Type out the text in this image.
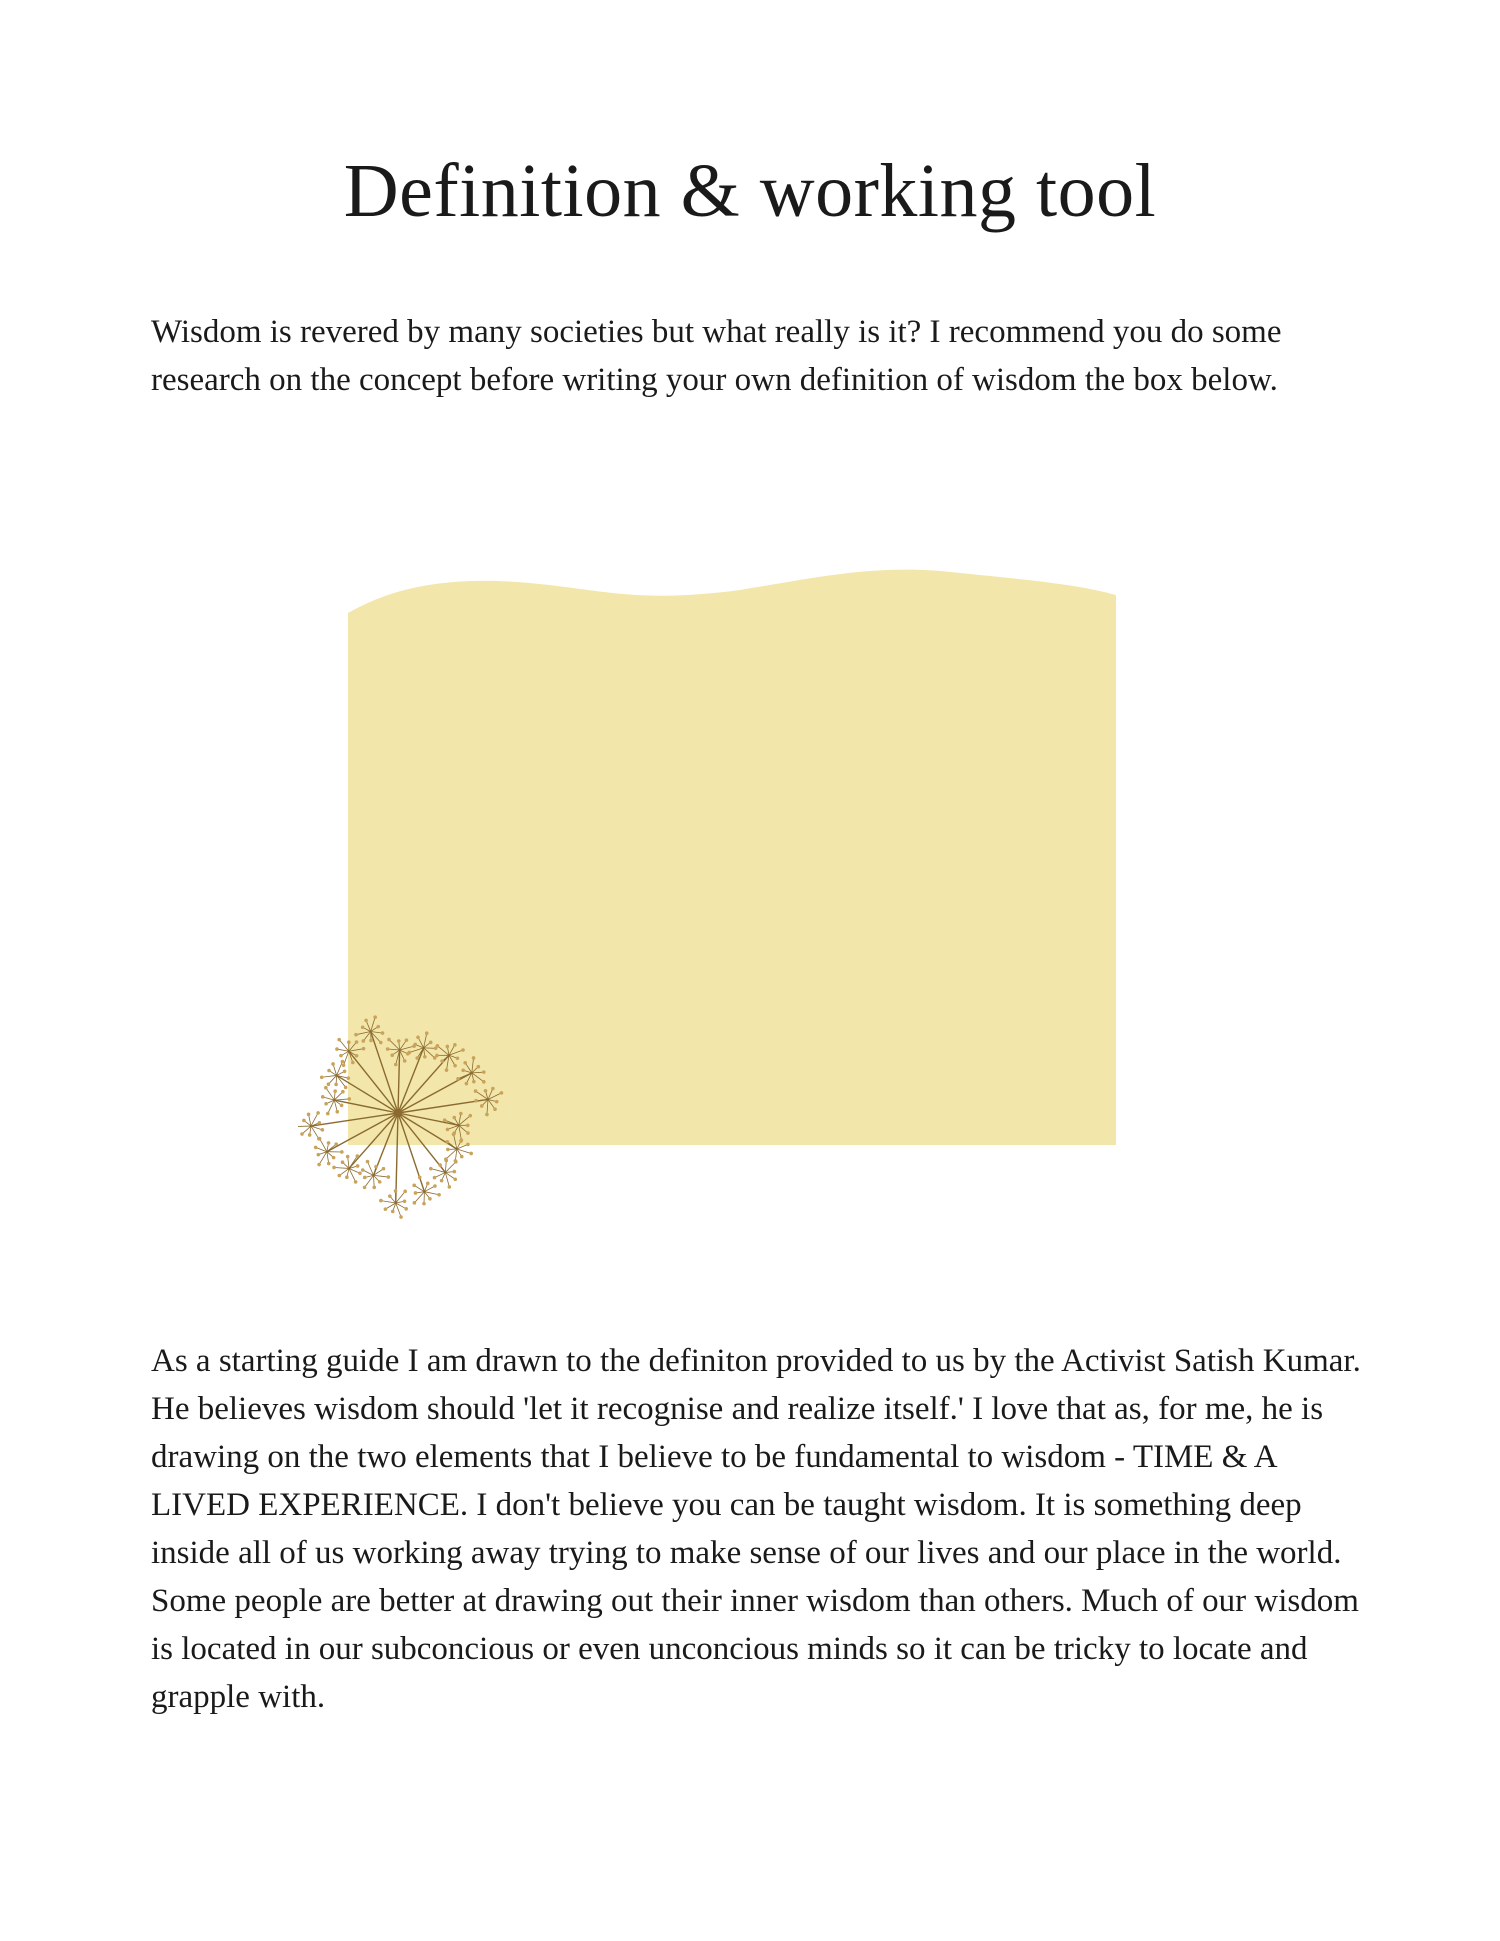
Definition & working tool

Wisdom is revered by many societies but what really is it? I recommend you do some research on the concept before writing your own definition of wisdom the box below.

As a starting guide I am drawn to the definiton provided to us by the Activist Satish Kumar. He believes wisdom should 'let it recognise and realize itself.' I love that as, for me, he is drawing on the two elements that I believe to be fundamental to wisdom - TIME & A LIVED EXPERIENCE. I don't believe you can be taught wisdom. It is something deep inside all of us working away trying to make sense of our lives and our place in the world. Some people are better at drawing out their inner wisdom than others. Much of our wisdom is located in our subconcious or even unconcious minds so it can be tricky to locate and grapple with.
